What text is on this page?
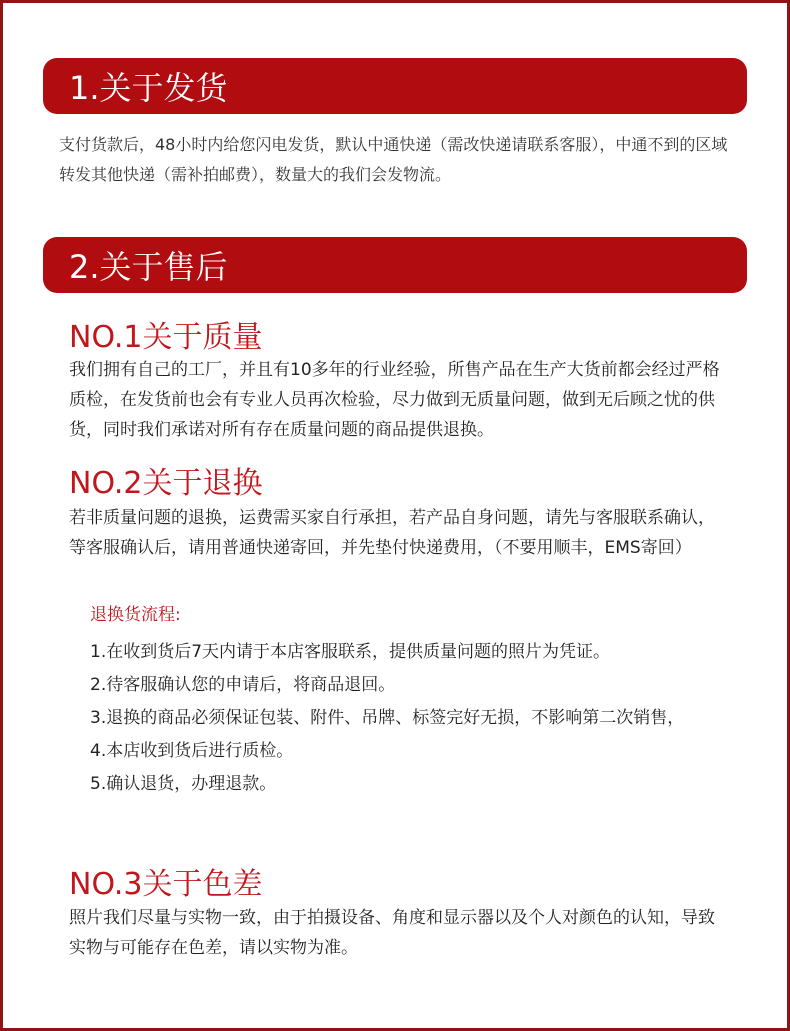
1.关于发货

支付货款后，48小时内给您闪电发货，默认中通快递（需改快递请联系客服），中通不到的区域转发其他快递（需补拍邮费），数量大的我们会发物流。

2.关于售后
NO.1关于质量

我们拥有自己的工厂，并且有10多年的行业经验，所售产品在生产大货前都会经过严格质检，在发货前也会有专业人员再次检验，尽力做到无质量问题，做到无后顾之忧的供货，同时我们承诺对所有存在质量问题的商品提供退换。

NO.2关于退换

若非质量问题的退换，运费需买家自行承担，若产品自身问题，请先与客服联系确认，等客服确认后，请用普通快递寄回，并先垫付快递费用，（不要用顺丰，EMS寄回）

退换货流程:

1.在收到货后7天内请于本店客服联系，提供质量问题的照片为凭证。
2.待客服确认您的申请后，将商品退回。
3.退换的商品必须保证包装、附件、吊牌、标签完好无损，不影响第二次销售，
4.本店收到货后进行质检。
5.确认退货，办理退款。
NO.3关于色差

照片我们尽量与实物一致，由于拍摄设备、角度和显示器以及个人对颜色的认知，导致实物与可能存在色差，请以实物为准。
